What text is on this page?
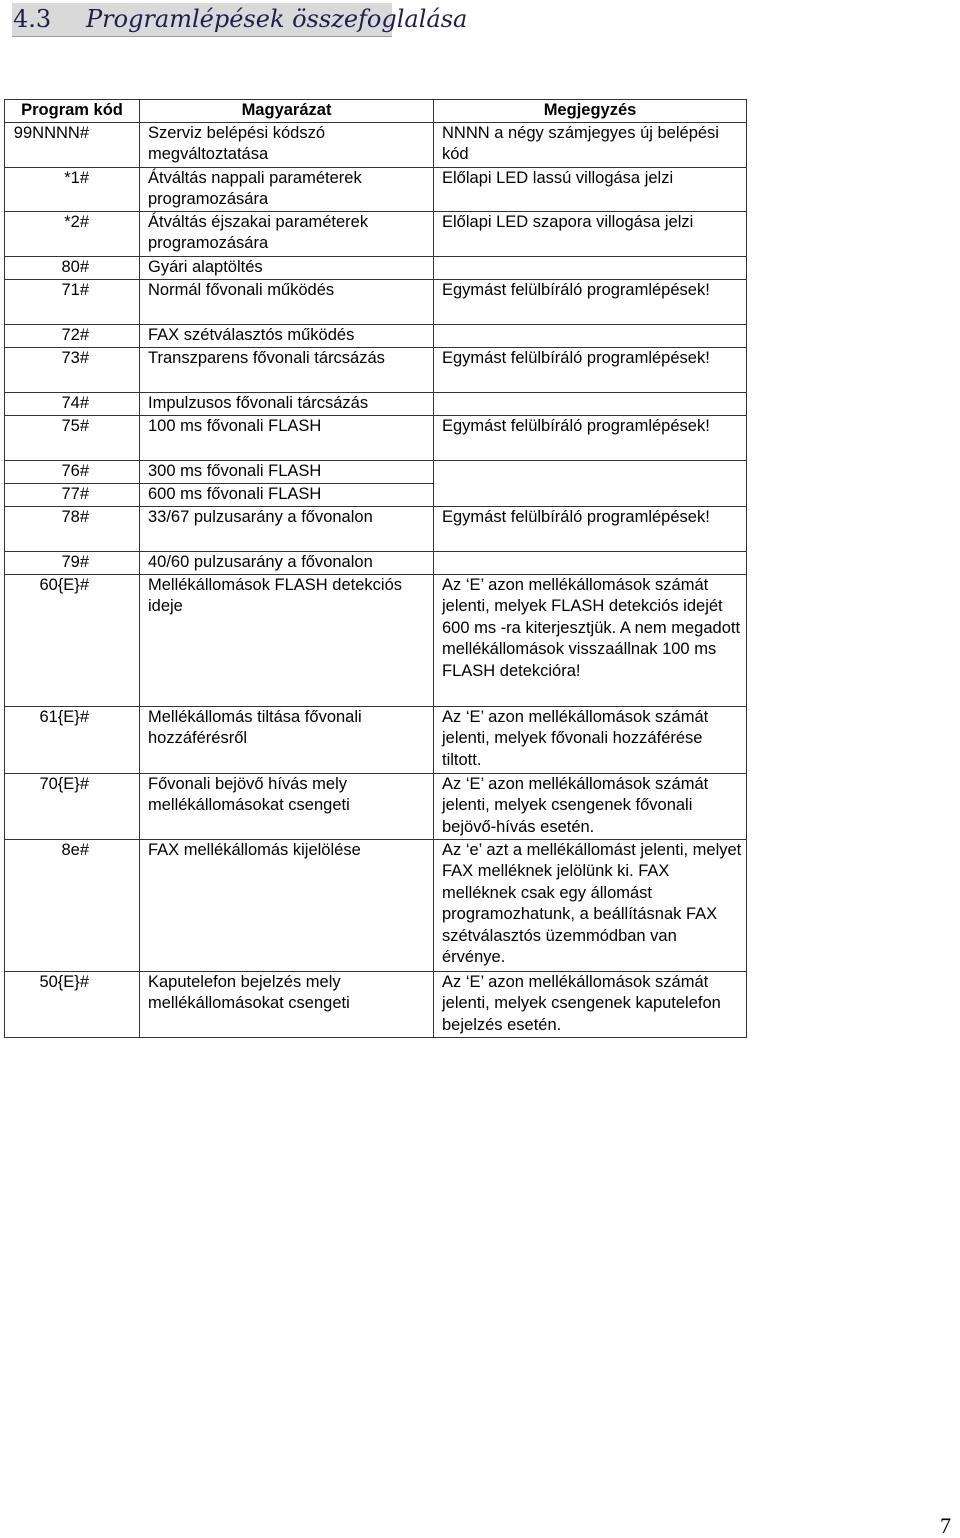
4.3 Programlépések összefoglalása
Program kód	Magyarázat	Megjegyzés
99NNNN#	Szerviz belépési kódszó megváltoztatása	NNNN a négy számjegyes új belépési kód
*1#	Átváltás nappali paraméterek programozására	Előlapi LED lassú villogása jelzi
*2#	Átváltás éjszakai paraméterek programozására	Előlapi LED szapora villogása jelzi
80#	Gyári alaptöltés	
71#	Normál fővonali működés	Egymást felülbíráló programlépések!
72#	FAX szétválasztós működés	
73#	Transzparens fővonali tárcsázás	Egymást felülbíráló programlépések!
74#	Impulzusos fővonali tárcsázás	
75#	100 ms fővonali FLASH	Egymást felülbíráló programlépések!
76#	300 ms fővonali FLASH	
77#	600 ms fővonali FLASH	
78#	33/67 pulzusarány a fővonalon	Egymást felülbíráló programlépések!
79#	40/60 pulzusarány a fővonalon	
60{E}#	Mellékállomások FLASH detekciós ideje	Az ‘E’ azon mellékállomások számát jelenti, melyek FLASH detekciós idejét 600 ms -ra kiterjesztjük. A nem megadott mellékállomások visszaállnak 100 ms FLASH detekcióra!
61{E}#	Mellékállomás tiltása fővonali hozzáférésről	Az ‘E’ azon mellékállomások számát jelenti, melyek fővonali hozzáférése tiltott.
70{E}#	Fővonali bejövő hívás mely mellékállomásokat csengeti	Az ‘E’ azon mellékállomások számát jelenti, melyek csengenek fővonali bejövő-hívás esetén.
8e#	FAX mellékállomás kijelölése	Az ‘e’ azt a mellékállomást jelenti, melyet FAX melléknek jelölünk ki. FAX melléknek csak egy állomást programozhatunk, a beállításnak FAX szétválasztós üzemmódban van érvénye.
50{E}#	Kaputelefon bejelzés mely mellékállomásokat csengeti	Az ‘E’ azon mellékállomások számát jelenti, melyek csengenek kaputelefon bejelzés esetén.
7
